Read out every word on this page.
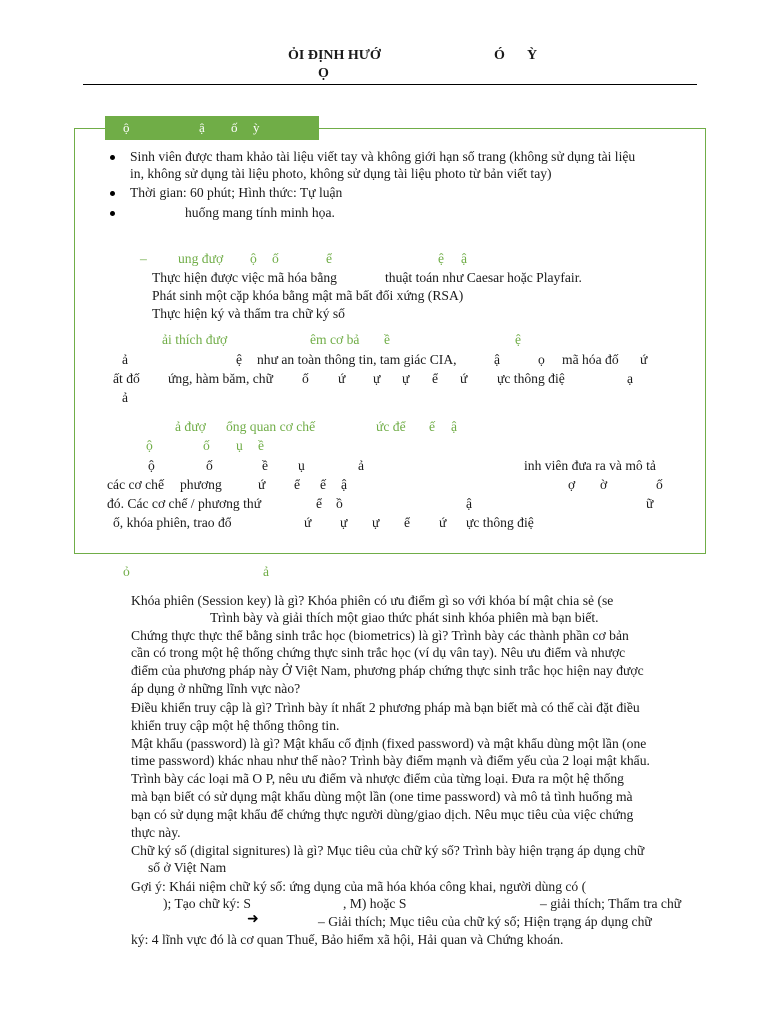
ỎI ĐỊNH HƯỚ	Ó Ỳ
Ọ
ộ	ậ ố ỳ
Sinh viên được tham khảo tài liệu viết tay và không giới hạn số trang (không sử dụng tài liệu
in, không sử dụng tài liệu photo, không sử dụng tài liệu photo từ bản viết tay)
Thời gian: 60 phút; Hình thức: Tự luận
huống mang tính minh họa.
– ung đượ ộ ố	ể	ệ ậ
Thực hiện được việc mã hóa bằng	thuật toán như Caesar hoặc Playfair.
Phát sinh một cặp khóa bằng mật mã bất đối xứng (RSA)
Thực hiện ký và thẩm tra chữ ký số
ải thích đượ	êm cơ bả ề	ệ
ả	ệ như an toàn thông tin, tam giác CIA,	ậ	ọ mã hóa đố ứ
ất đố ứng, hàm băm, chữ ố ứ ự ự ể ứ ực thông điệ	ạ
ả
ả đượ ổng quan cơ chế	ức để ế ậ
ộ	ố ụ ề
ộ	ố	ề ụ	ả	inh viên đưa ra và mô tả
các cơ chế phương	ứ ể ế ậ	ợ ờ	ố
đó. Các cơ chế / phương thứ	ể ồ	ậ	ữ
ố, khóa phiên, trao đổ	ứ ự ự ể ứ ực thông điệ
ỏ	ả
Khóa phiên (Session key) là gì? Khóa phiên có ưu điểm gì so với khóa bí mật chia sẻ (se
Trình bày và giải thích một giao thức phát sinh khóa phiên mà bạn biết.
Chứng thực thực thể bằng sinh trắc học (biometrics) là gì? Trình bày các thành phần cơ bản
cần có trong một hệ thống chứng thực sinh trắc học (ví dụ vân tay). Nêu ưu điểm và nhược
điểm của phương pháp này Ở Việt Nam, phương pháp chứng thực sinh trắc học hiện nay được
áp dụng ở những lĩnh vực nào?
Điều khiển truy cập là gì? Trình bày ít nhất 2 phương pháp mà bạn biết mà có thể cài đặt điều
khiển truy cập một hệ thống thông tin.
Mật khẩu (password) là gì? Mật khẩu cố định (fixed password) và mật khẩu dùng một lần (one
time password) khác nhau như thế nào? Trình bày điểm mạnh và điểm yếu của 2 loại mật khẩu.
Trình bày các loại mã O P, nêu ưu điểm và nhược điểm của từng loại. Đưa ra một hệ thống
mà bạn biết có sử dụng mật khẩu dùng một lần (one time password) và mô tả tình huống mà
bạn có sử dụng mật khẩu để chứng thực người dùng/giao dịch. Nêu mục tiêu của việc chứng
thực này.
Chữ ký số (digital signitures) là gì? Mục tiêu của chữ ký số? Trình bày hiện trạng áp dụng chữ
số ở Việt Nam
Gợi ý: Khái niệm chữ ký số: ứng dụng của mã hóa khóa công khai, người dùng có (
); Tạo chữ ký: S	, M) hoặc S	– giải thích; Thẩm tra chữ
➜	– Giải thích; Mục tiêu của chữ ký số; Hiện trạng áp dụng chữ
ký: 4 lĩnh vực đó là cơ quan Thuế, Bảo hiểm xã hội, Hải quan và Chứng khoán.
